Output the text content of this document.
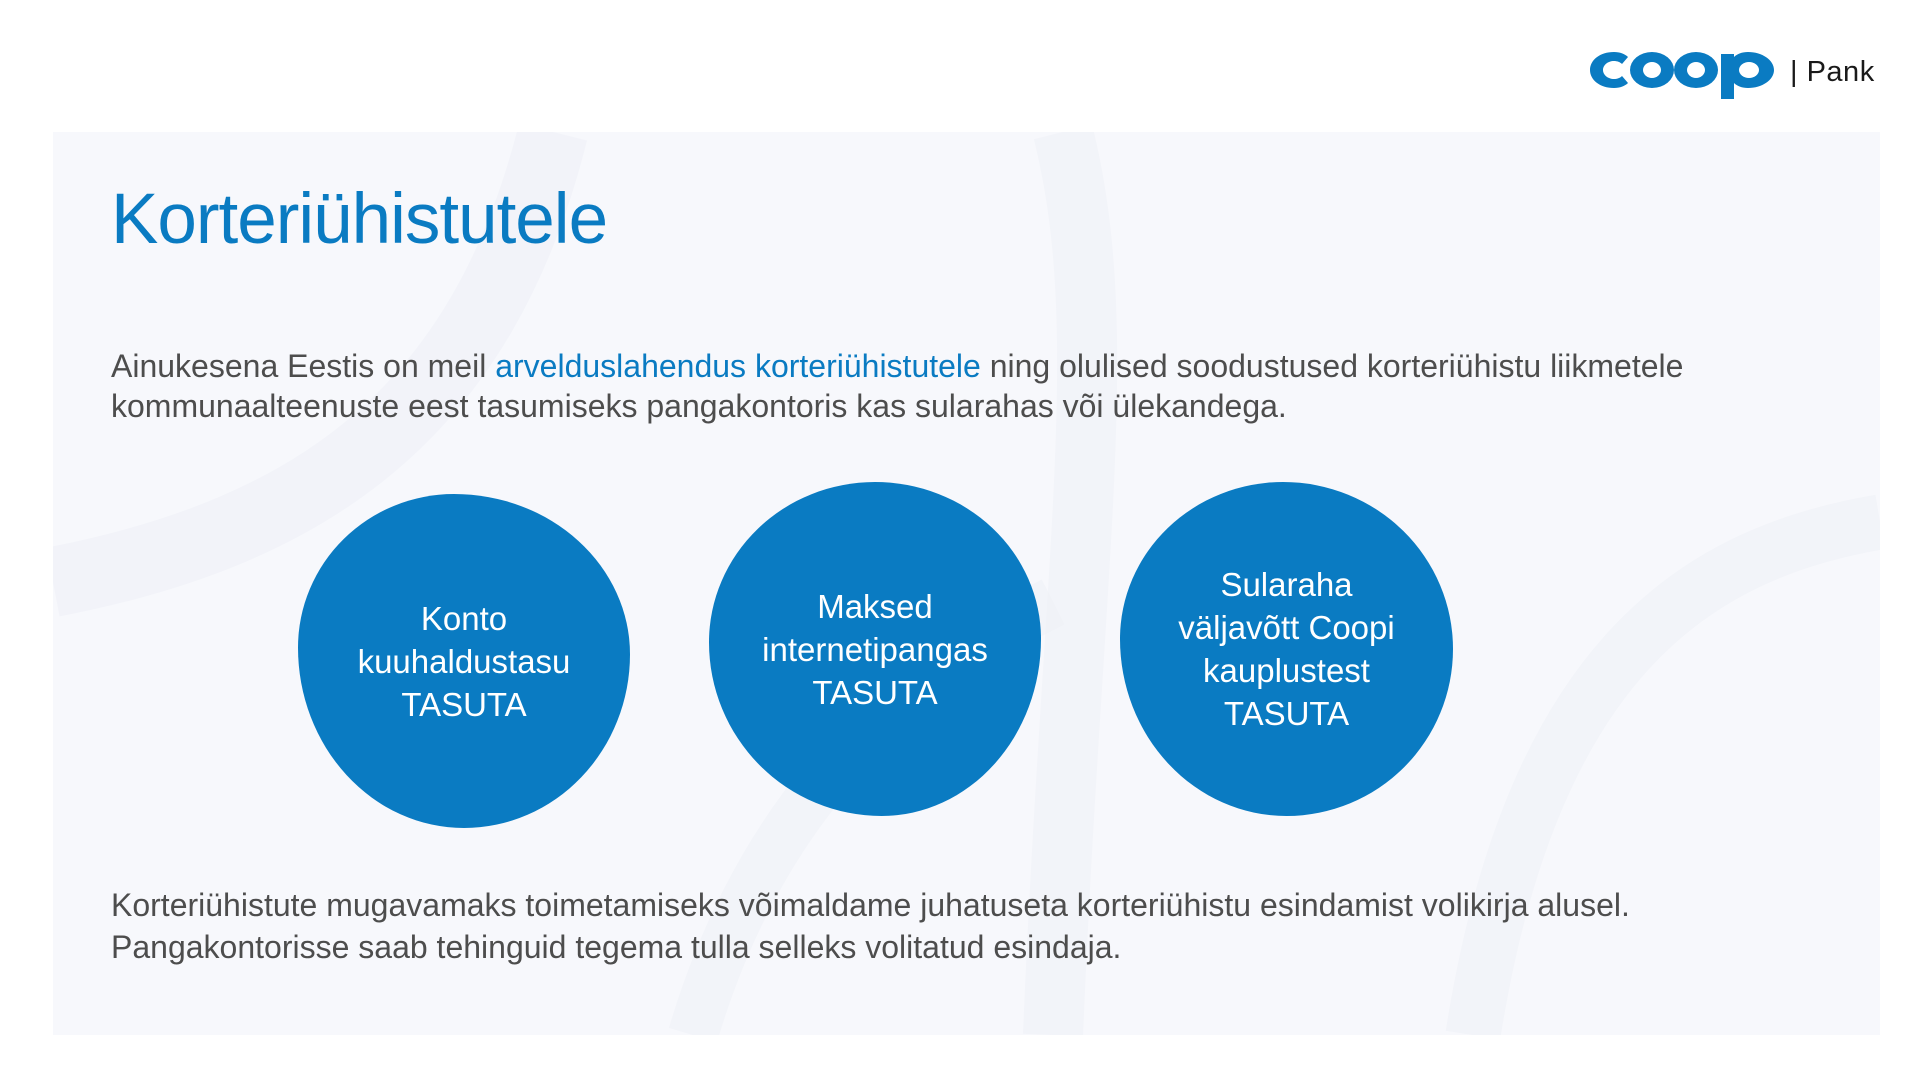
| Pank
Korteriühistutele

Ainukesena Eestis on meil arvelduslahendus korteriühistutele ning olulised soodustused korteriühistu liikmetele kommunaalteenuste eest tasumiseks pangakontoris kas sularahas või ülekandega.

Konto
kuuhaldustasu
TASUTA
Maksed
internetipangas
TASUTA
Sularaha
väljavõtt Coopi
kauplustest
TASUTA

Korteriühistute mugavamaks toimetamiseks võimaldame juhatuseta korteriühistu esindamist volikirja alusel. Pangakontorisse saab tehinguid tegema tulla selleks volitatud esindaja.
